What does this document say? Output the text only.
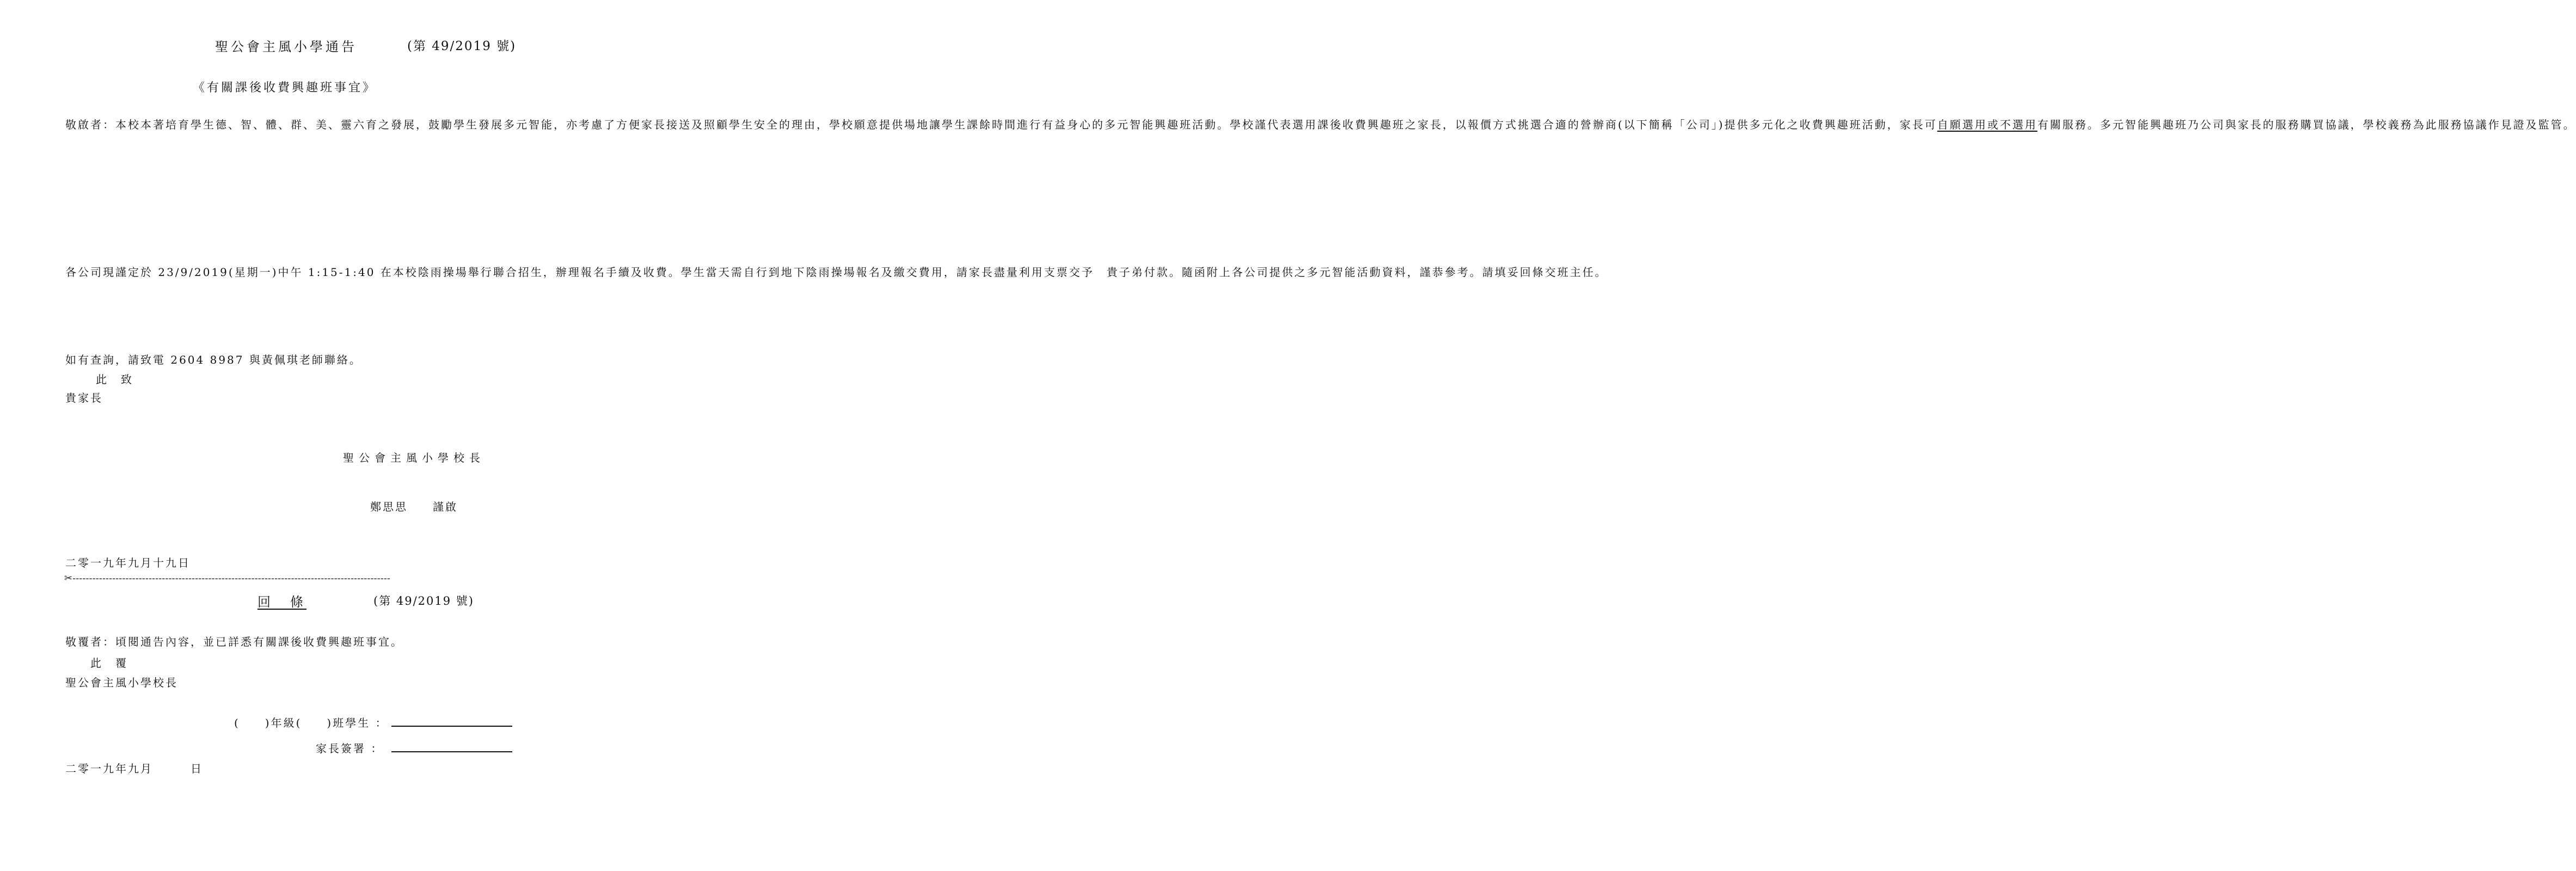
聖公會主風小學通告	(第 49/2019 號)
《有關課後收費興趣班事宜》
敬啟者：本校本著培育學生德、智、體、群、美、靈六育之發展，鼓勵學生發展多元智能，亦考慮了方便家長接送及照顧學生安全的理由，學校願意提供場地讓學生課餘時間進行有益身心的多元智能興趣班活動。學校謹代表選用課後收費興趣班之家長，以報價方式挑選合適的營辦商(以下簡稱「公司」)提供多元化之收費興趣班活動，家長可自願選用或不選用有關服務。多元智能興趣班乃公司與家長的服務購買協議，學校義務為此服務協議作見證及監管。
各公司現謹定於 23/9/2019(星期一)中午 1:15-1:40 在本校陰雨操場舉行聯合招生，辦理報名手續及收費。學生當天需自行到地下陰雨操場報名及繳交費用，請家長盡量利用支票交予　貴子弟付款。隨函附上各公司提供之多元智能活動資料，謹恭參考。請填妥回條交班主任。
如有查詢，請致電 2604 8987 與黃佩琪老師聯絡。
此　致
貴家長
聖公會主風小學校長
鄭思思　　謹啟
二零一九年九月十九日
✂------------------------------------------------------------------------------------------------
回　條	(第 49/2019 號)
敬覆者：頃閱通告內容，並已詳悉有關課後收費興趣班事宜。
此　覆
聖公會主風小學校長
(　　)年級(　　)班學生 ：
家長簽署 ：
二零一九年九月　　　日
